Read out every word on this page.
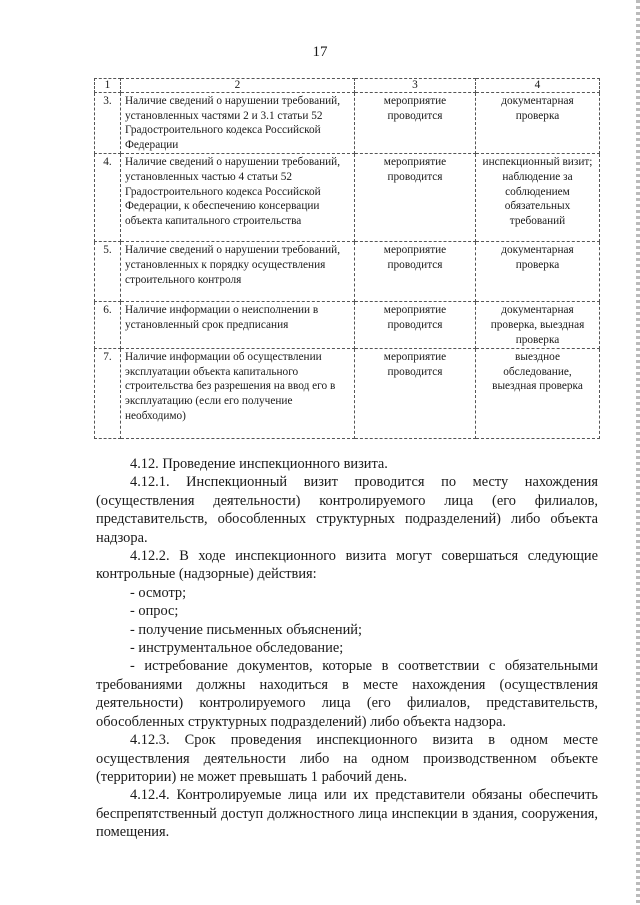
17
1	2	3	4
3.	Наличие сведений о нарушении требований, установленных частями 2 и 3.1 статьи 52 Градостроительного кодекса Российской Федерации	мероприятие проводится	документарная проверка
4.	Наличие сведений о нарушении требований, установленных частью 4 статьи 52 Градостроительного кодекса Российской Федерации, к обеспечению консервации объекта капитального строительства	мероприятие проводится	инспекционный визит; наблюдение за соблюдением обязательных требований
5.	Наличие сведений о нарушении требований, установленных к порядку осуществления строительного контроля	мероприятие проводится	документарная проверка
6.	Наличие информации о неисполнении в установленный срок предписания	мероприятие проводится	документарная проверка, выездная проверка
7.	Наличие информации об осуществлении эксплуатации объекта капитального строительства без разрешения на ввод его в эксплуатацию (если его получение необходимо)	мероприятие проводится	выездное обследование, выездная проверка

4.12. Проведение инспекционного визита.

4.12.1. Инспекционный визит проводится по месту нахождения (осуществления деятельности) контролируемого лица (его филиалов, представительств, обособленных структурных подразделений) либо объекта надзора.

4.12.2. В ходе инспекционного визита могут совершаться следующие контрольные (надзорные) действия:

- осмотр;

- опрос;

- получение письменных объяснений;

- инструментальное обследование;

- истребование документов, которые в соответствии с обязательными требованиями должны находиться в месте нахождения (осуществления деятельности) контролируемого лица (его филиалов, представительств, обособленных структурных подразделений) либо объекта надзора.

4.12.3. Срок проведения инспекционного визита в одном месте осуществления деятельности либо на одном производственном объекте (территории) не может превышать 1 рабочий день.

4.12.4. Контролируемые лица или их представители обязаны обеспечить беспрепятственный доступ должностного лица инспекции в здания, сооружения, помещения.
